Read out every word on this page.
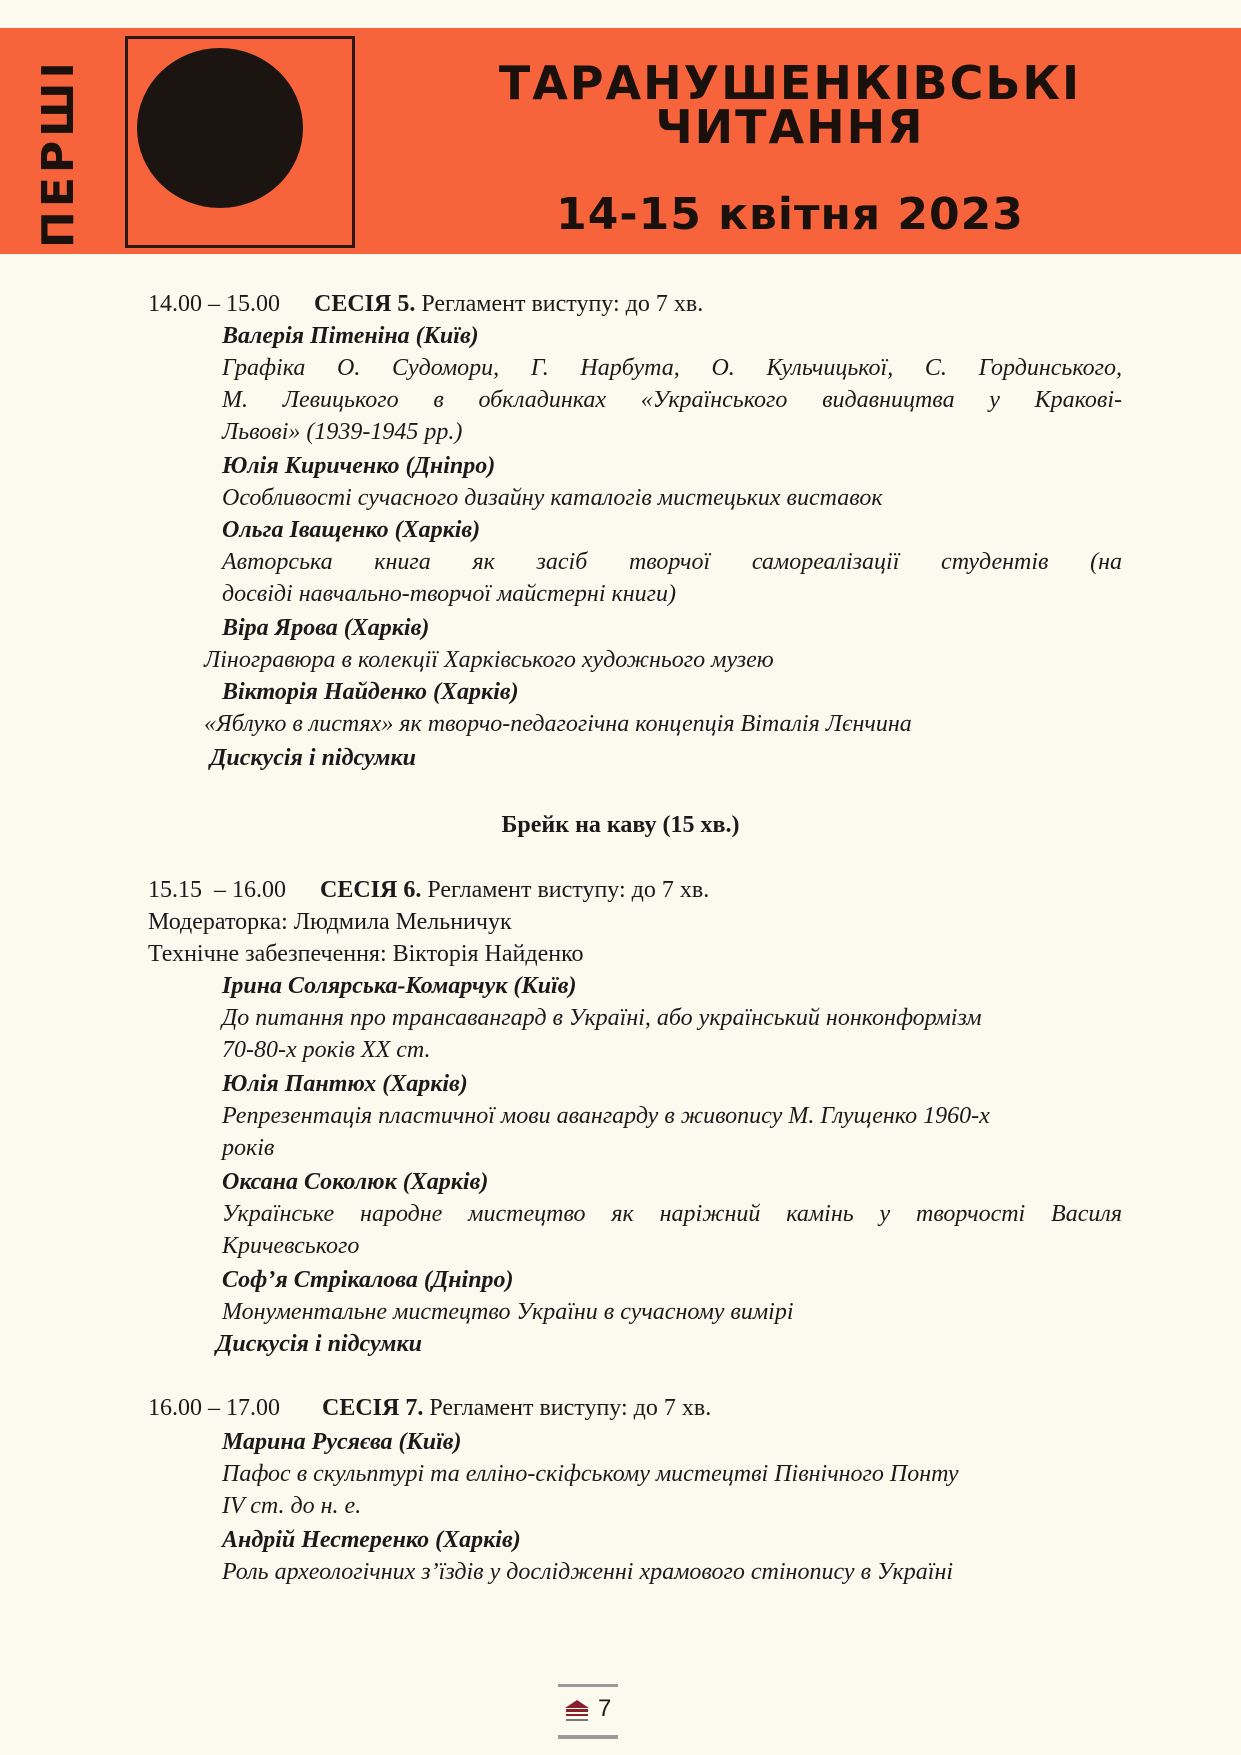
ПЕРШІ	ТАРАНУШЕНКІВСЬКІ
ЧИТАННЯ
14-15 квітня 2023
14.00 – 15.00 СЕСІЯ 5. Регламент виступу: до 7 хв.
Валерія Пітеніна (Київ)
Графіка О. Судомори, Г. Нарбута, О. Кульчицької, С. Гординського,
М. Левицького в обкладинках «Українського видавництва у Кракові-
Львові» (1939-1945 рр.)
Юлія Кириченко (Дніпро)
Особливості сучасного дизайну каталогів мистецьких виставок
Ольга Іващенко (Харків)
Авторська книга як засіб творчої самореалізації студентів (на
досвіді навчально-творчої майстерні книги)
Віра Ярова (Харків)
Ліногравюра в колекції Харківського художнього музею
Вікторія Найденко (Харків)
«Яблуко в листях» як творчо-педагогічна концепція Віталія Лєнчина
Дискусія і підсумки
Брейк на каву (15 хв.)
15.15  – 16.00 СЕСІЯ 6. Регламент виступу: до 7 хв.
Модераторка: Людмила Мельничук
Технічне забезпечення: Вікторія Найденко
Ірина Солярська-Комарчук (Київ)
До питання про трансавангард в Україні, або український нонконформізм
70-80-х років XX ст.
Юлія Пантюх (Харків)
Репрезентація пластичної мови авангарду в живопису М. Глущенко 1960-х
років
Оксана Соколюк (Харків)
Українське народне мистецтво як наріжний камінь у творчості Василя
Кричевського
Соф’я Стрікалова (Дніпро)
Монументальне мистецтво України в сучасному вимірі
Дискусія і підсумки
16.00 – 17.00 СЕСІЯ 7. Регламент виступу: до 7 хв.
Марина Русяєва (Київ)
Пафос в скульптурі та елліно-скіфському мистецтві Північного Понту
IV ст. до н. е.
Андрій Нестеренко (Харків)
Роль археологічних з’їздів у дослідженні храмового стінопису в Україні
7
